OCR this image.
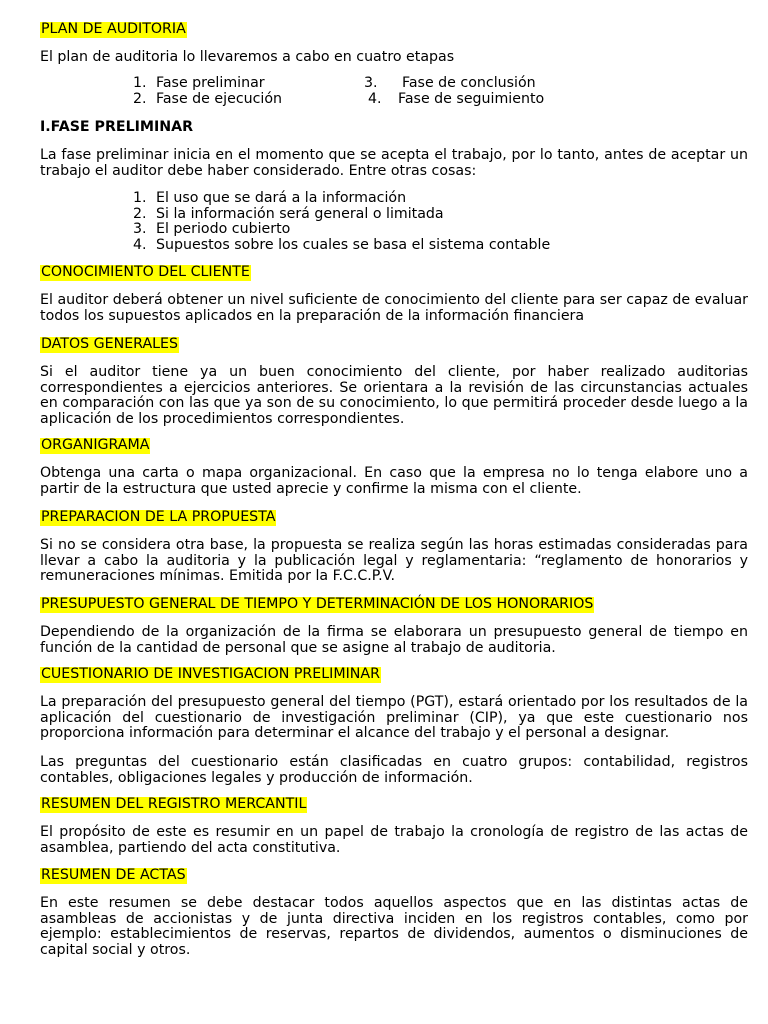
PLAN DE AUDITORIA
El plan de auditoria lo llevaremos a cabo en cuatro etapas
1. Fase preliminar	3. Fase de conclusión
2. Fase de ejecución	4. Fase de seguimiento
I.FASE PRELIMINAR
La fase preliminar inicia en el momento que se acepta el trabajo, por lo tanto, antes de aceptar un trabajo el auditor debe haber considerado. Entre otras cosas:
1. El uso que se dará a la información
2. Si la información será general o limitada
3. El periodo cubierto
4. Supuestos sobre los cuales se basa el sistema contable
CONOCIMIENTO DEL CLIENTE
El auditor deberá obtener un nivel suficiente de conocimiento del cliente para ser capaz de evaluar todos los supuestos aplicados en la preparación de la información financiera
DATOS GENERALES
Si el auditor tiene ya un buen conocimiento del cliente, por haber realizado auditorias correspondientes a ejercicios anteriores. Se orientara a la revisión de las circunstancias actuales en comparación con las que ya son de su conocimiento, lo que permitirá proceder desde luego a la aplicación de los procedimientos correspondientes.
ORGANIGRAMA
Obtenga una carta o mapa organizacional. En caso que la empresa no lo tenga elabore uno a partir de la estructura que usted aprecie y confirme la misma con el cliente.
PREPARACION DE LA PROPUESTA
Si no se considera otra base, la propuesta se realiza según las horas estimadas consideradas para llevar a cabo la auditoria y la publicación legal y reglamentaria: “reglamento de honorarios y remuneraciones mínimas. Emitida por la F.C.C.P.V.
PRESUPUESTO GENERAL DE TIEMPO Y DETERMINACIÓN DE LOS HONORARIOS
Dependiendo de la organización de la firma se elaborara un presupuesto general de tiempo en función de la cantidad de personal que se asigne al trabajo de auditoria.
CUESTIONARIO DE INVESTIGACION PRELIMINAR
La preparación del presupuesto general del tiempo (PGT), estará orientado por los resultados de la aplicación del cuestionario de investigación preliminar (CIP), ya que este cuestionario nos proporciona información para determinar el alcance del trabajo y el personal a designar.
Las preguntas del cuestionario están clasificadas en cuatro grupos: contabilidad, registros contables, obligaciones legales y producción de información.
RESUMEN DEL REGISTRO MERCANTIL
El propósito de este es resumir en un papel de trabajo la cronología de registro de las actas de asamblea, partiendo del acta constitutiva.
RESUMEN DE ACTAS
En este resumen se debe destacar todos aquellos aspectos que en las distintas actas de asambleas de accionistas y de junta directiva inciden en los registros contables, como por ejemplo: establecimientos de reservas, repartos de dividendos, aumentos o disminuciones de capital social y otros.
